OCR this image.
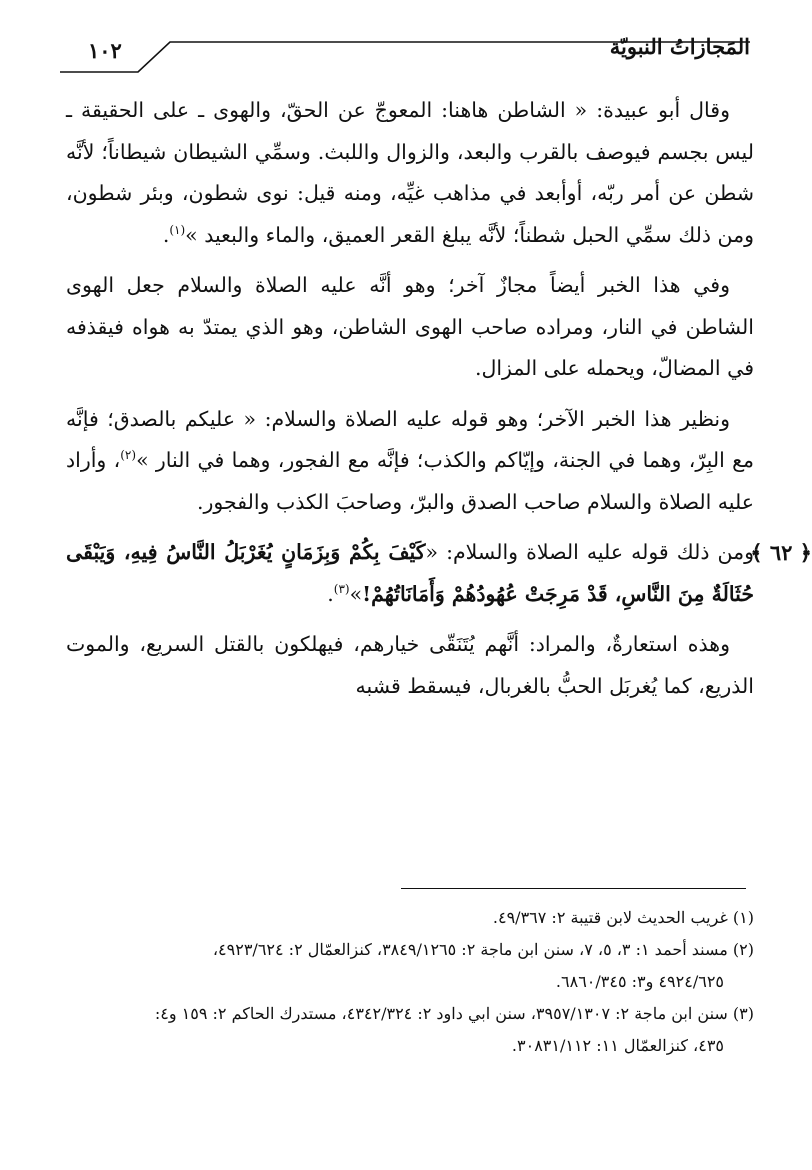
١٠٢	المَجازاتُ النبويّة

وقال أبو عبيدة: « الشاطن هاهنا: المعوجّ عن الحقّ، والهوى ـ على الحقيقة ـ ليس بجسم فيوصف بالقرب والبعد، والزوال واللبث. وسمِّي الشيطان شيطاناً؛ لأنَّه شطن عن أمر ربّه، أوأبعد في مذاهب غيِّه، ومنه قيل: نوى شطون، وبئر شطون، ومن ذلك سمِّي الحبل شطناً؛ لأنَّه يبلغ القعر العميق، والماء والبعيد »$^{(١)}$.

وفي هذا الخبر أيضاً مجازٌ آخر؛ وهو أنَّه عليه الصلاة والسلام جعل الهوى الشاطن في النار، ومراده صاحب الهوى الشاطن، وهو الذي يمتدّ به هواه فيقذفه في المضالّ، ويحمله على المزال.

ونظير هذا الخبر الآخر؛ وهو قوله عليه الصلاة والسلام: « عليكم بالصدق؛ فإنَّه مع البِرّ، وهما في الجنة، وإيّاكم والكذب؛ فإنَّه مع الفجور، وهما في النار »$^{(٢)}$، وأراد عليه الصلاة والسلام صاحب الصدق والبرّ، وصاحبَ الكذب والفجور.

﴿ ٦٢ ﴾
ومن ذلك قوله عليه الصلاة والسلام: «كَيْفَ بِكُمْ وَبِزَمَانٍ يُغَرْبَلُ النَّاسُ فِيهِ، وَيَبْقَى حُثَالَةٌ مِنَ النَّاسِ، قَدْ مَرِجَتْ عُهُودُهُمْ وَأَمَانَاتُهُمْ!»$^{(٣)}$.

وهذه استعارةٌ، والمراد: أنَّهم يُتَنَقّى خيارهم، فيهلكون بالقتل السريع، والموت الذريع، كما يُغربَل الحبُّ بالغربال، فيسقط قشبه

(١) غريب الحديث لابن قتيبة ٢: ٤٩/٣٦٧.

(٢) مسند أحمد ١: ٣، ٥، ٧، سنن ابن ماجة ٢: ٣٨٤٩/١٢٦٥، كنزالعمّال ٢: ٤٩٢٣/٦٢٤،

٤٩٢٤/٦٢٥ و٣: ٦٨٦٠/٣٤٥.

(٣) سنن ابن ماجة ٢: ٣٩٥٧/١٣٠٧، سنن ابي داود ٢: ٤٣٤٢/٣٢٤، مستدرك الحاكم ٢: ١٥٩ و٤:

٤٣٥، كنزالعمّال ١١: ٣٠٨٣١/١١٢.
